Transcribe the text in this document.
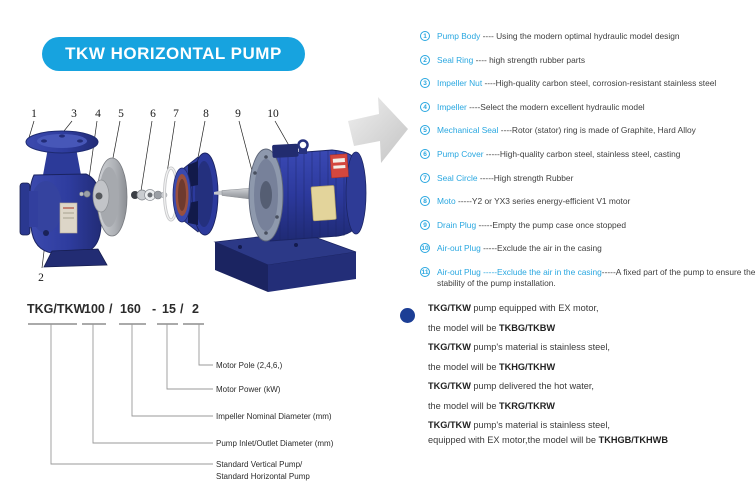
TKW HORIZONTAL PUMP
1	3 4 5 6 7 8 9 10
2
1	Pump Body ---- Using the modern optimal hydraulic model design
2	Seal Ring ---- high strength rubber parts
3	Impeller Nut ----High-quality carbon steel, corrosion-resistant stainless steel
4	Impeller ----Select the modern excellent hydraulic model
5	Mechanical Seal ----Rotor (stator) ring is made of Graphite, Hard Alloy
6	Pump Cover -----High-quality carbon steel, stainless steel, casting
7	Seal Circle -----High strength Rubber
8	Moto -----Y2 or YX3 series energy-efficient V1 motor
9	Drain Plug -----Empty the pump case once stopped
10 Air-out Plug -----Exclude the air in the casing
11 Air-out Plug -----Exclude the air in the casing-----A fixed part of the pump to ensure the stability of the pump installation.
TKG/TKW
100 / 160 - 15 / 2
Motor Pole (2,4,6,)
Motor Power (kW)
Impeller Nominal Diameter (mm)
Pump Inlet/Outlet Diameter (mm)
Standard Vertical Pump/
Standard Horizontal Pump
TKG/TKW pump equipped with EX motor,
the model will be TKBG/TKBW
TKG/TKW pump's material is stainless steel,
the model will be TKHG/TKHW
TKG/TKW pump delivered the hot water,
the model will be TKRG/TKRW
TKG/TKW pump's material is stainless steel,
equipped with EX motor,the model will be TKHGB/TKHWB
